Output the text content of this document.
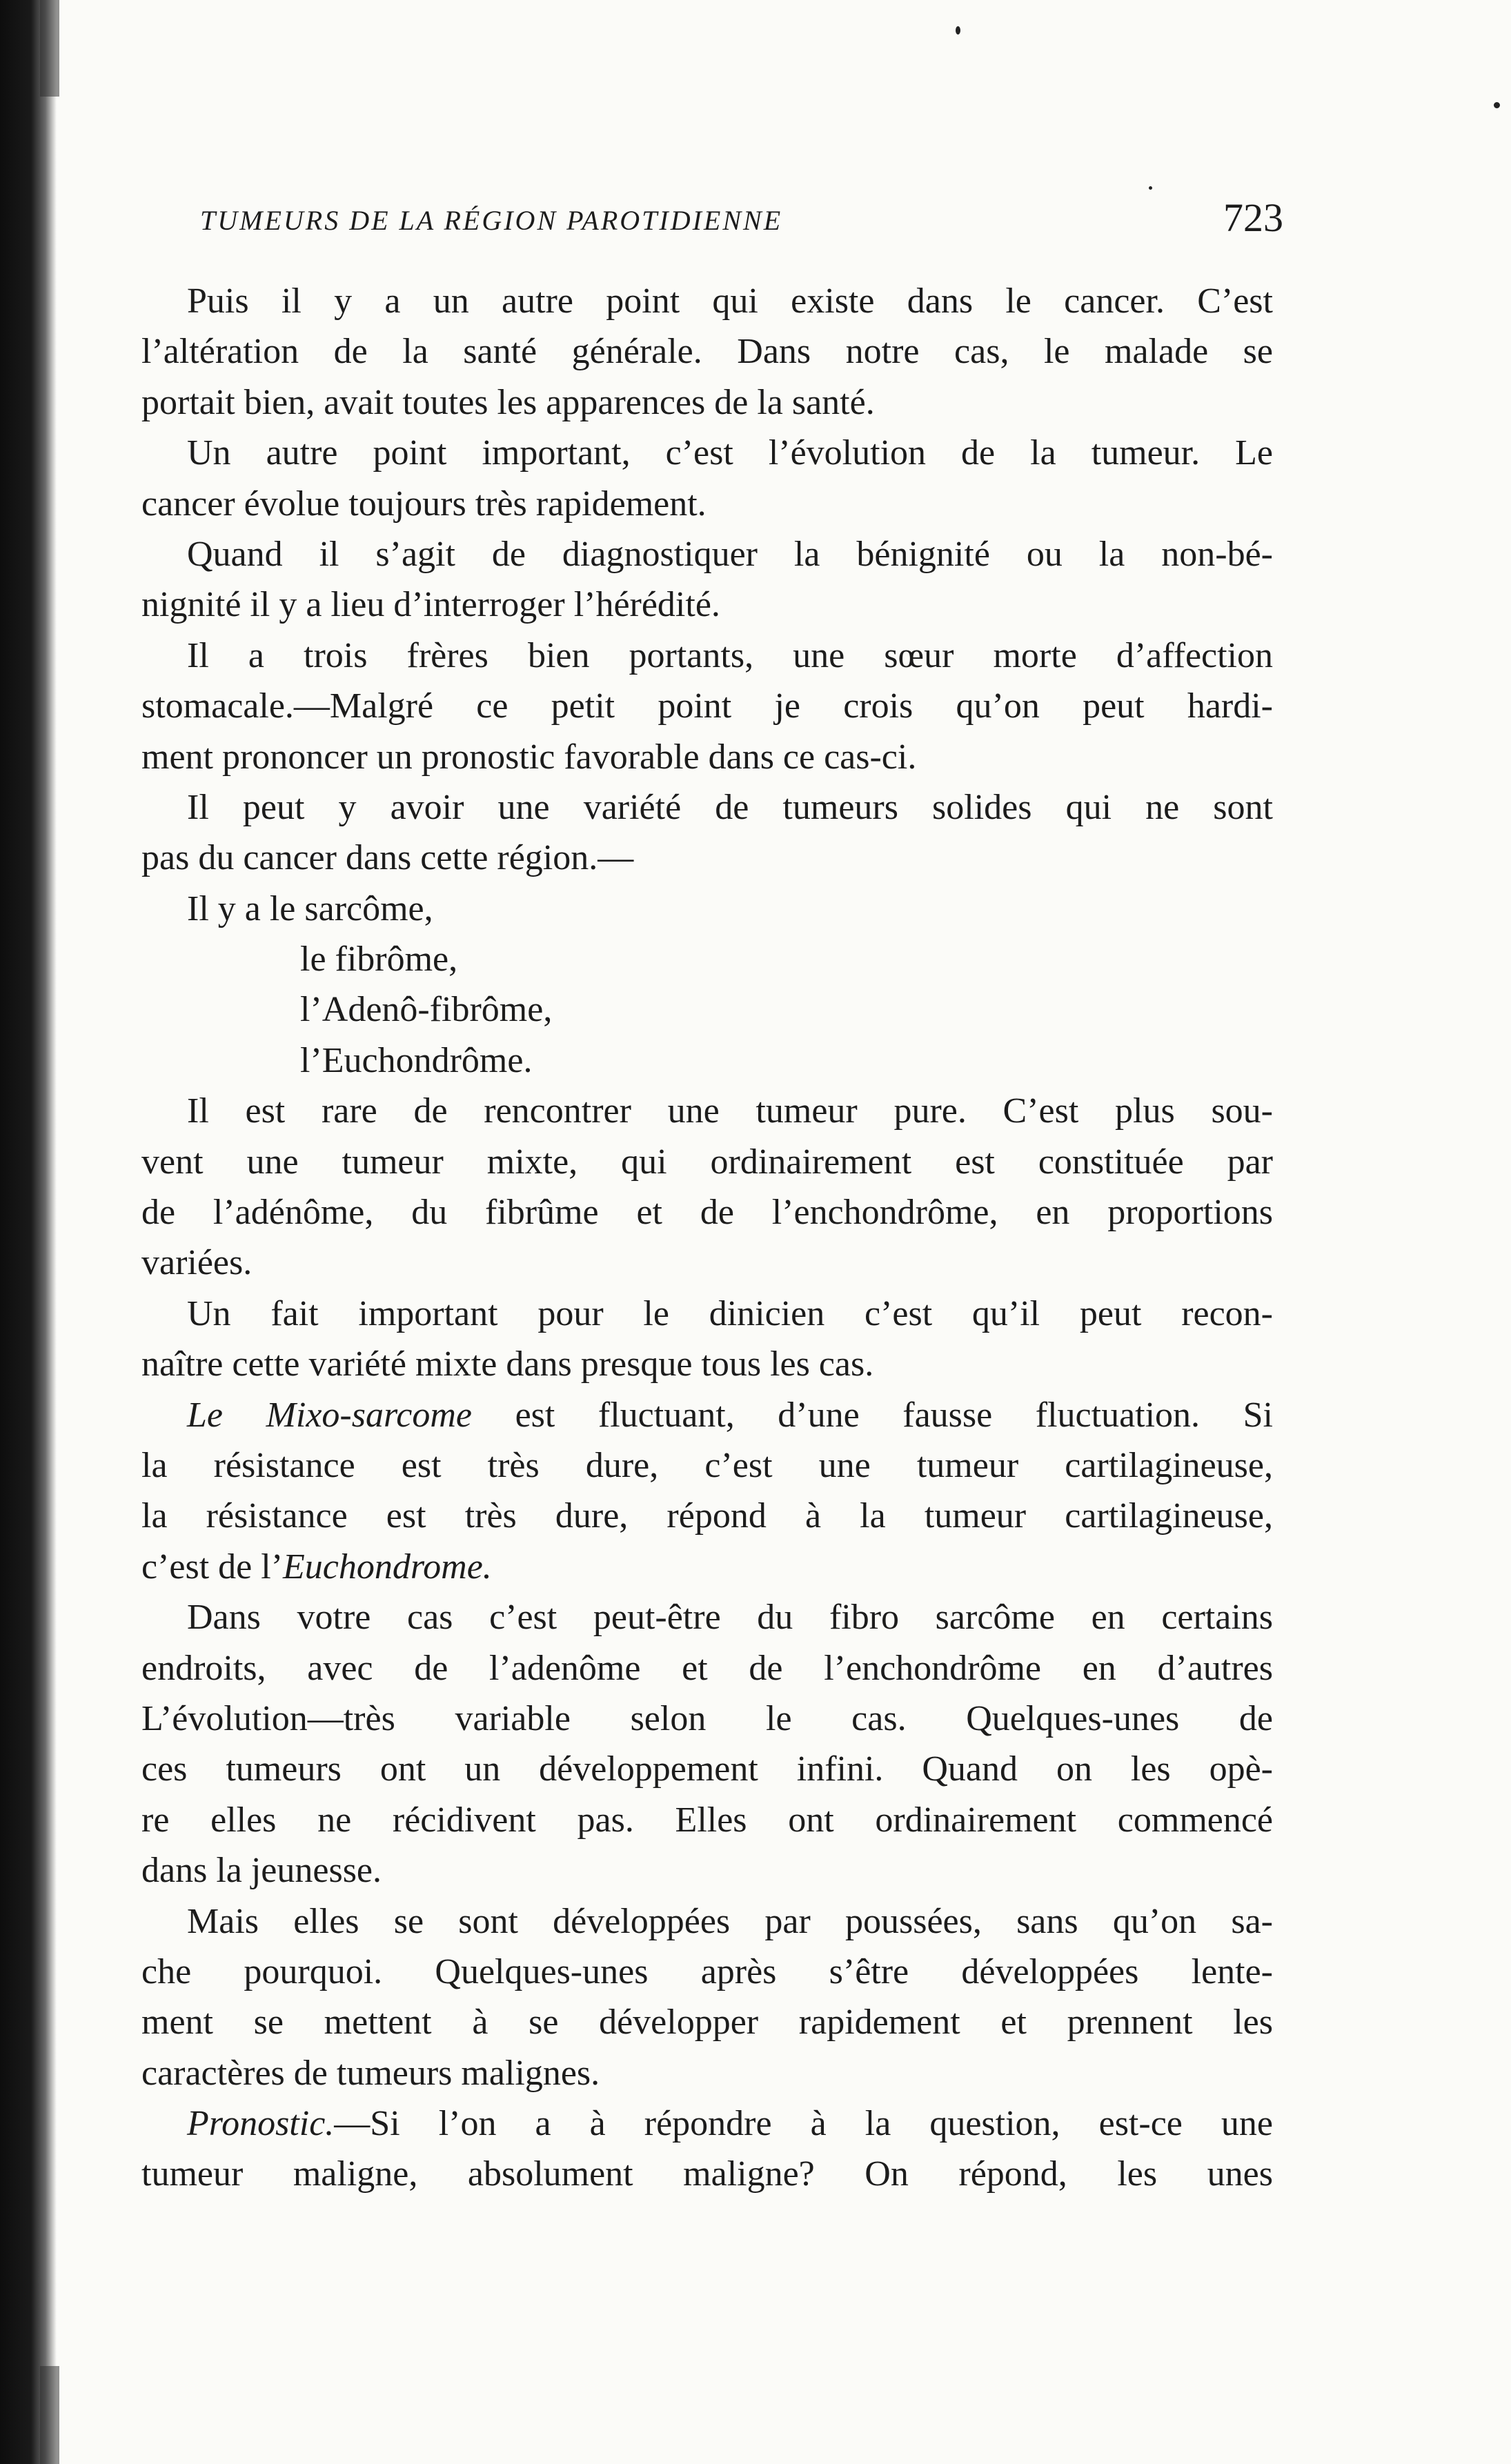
TUMEURS DE LA RÉGION PAROTIDIENNE	723
Puis il y a un autre point qui existe dans le cancer. C’est
l’altération de la santé générale. Dans notre cas, le malade se
portait bien, avait toutes les apparences de la santé.
Un autre point important, c’est l’évolution de la tumeur. Le
cancer évolue toujours très rapidement.
Quand il s’agit de diagnostiquer la bénignité ou la non-bé-
nignité il y a lieu d’interroger l’hérédité.
Il a trois frères bien portants, une sœur morte d’affection
stomacale.—Malgré ce petit point je crois qu’on peut hardi-
ment prononcer un pronostic favorable dans ce cas-ci.
Il peut y avoir une variété de tumeurs solides qui ne sont
pas du cancer dans cette région.—
Il y a le sarcôme,
le fibrôme,
l’Adenô-fibrôme,
l’Euchondrôme.
Il est rare de rencontrer une tumeur pure. C’est plus sou-
vent une tumeur mixte, qui ordinairement est constituée par
de l’adénôme, du fibrûme et de l’enchondrôme, en proportions
variées.
Un fait important pour le dinicien c’est qu’il peut recon-
naître cette variété mixte dans presque tous les cas.
Le Mixo-sarcome est fluctuant, d’une fausse fluctuation. Si
la résistance est très dure, c’est une tumeur cartilagineuse,
la résistance est très dure, répond à la tumeur cartilagineuse,
c’est de l’Euchondrome.
Dans votre cas c’est peut-être du fibro sarcôme en certains
endroits, avec de l’adenôme et de l’enchondrôme en d’autres
L’évolution—très variable selon le cas. Quelques-unes de
ces tumeurs ont un développement infini. Quand on les opè-
re elles ne récidivent pas. Elles ont ordinairement commencé
dans la jeunesse.
Mais elles se sont développées par poussées, sans qu’on sa-
che pourquoi. Quelques-unes après s’être développées lente-
ment se mettent à se développer rapidement et prennent les
caractères de tumeurs malignes.
Pronostic.—Si l’on a à répondre à la question, est-ce une
tumeur maligne, absolument maligne? On répond, les unes
